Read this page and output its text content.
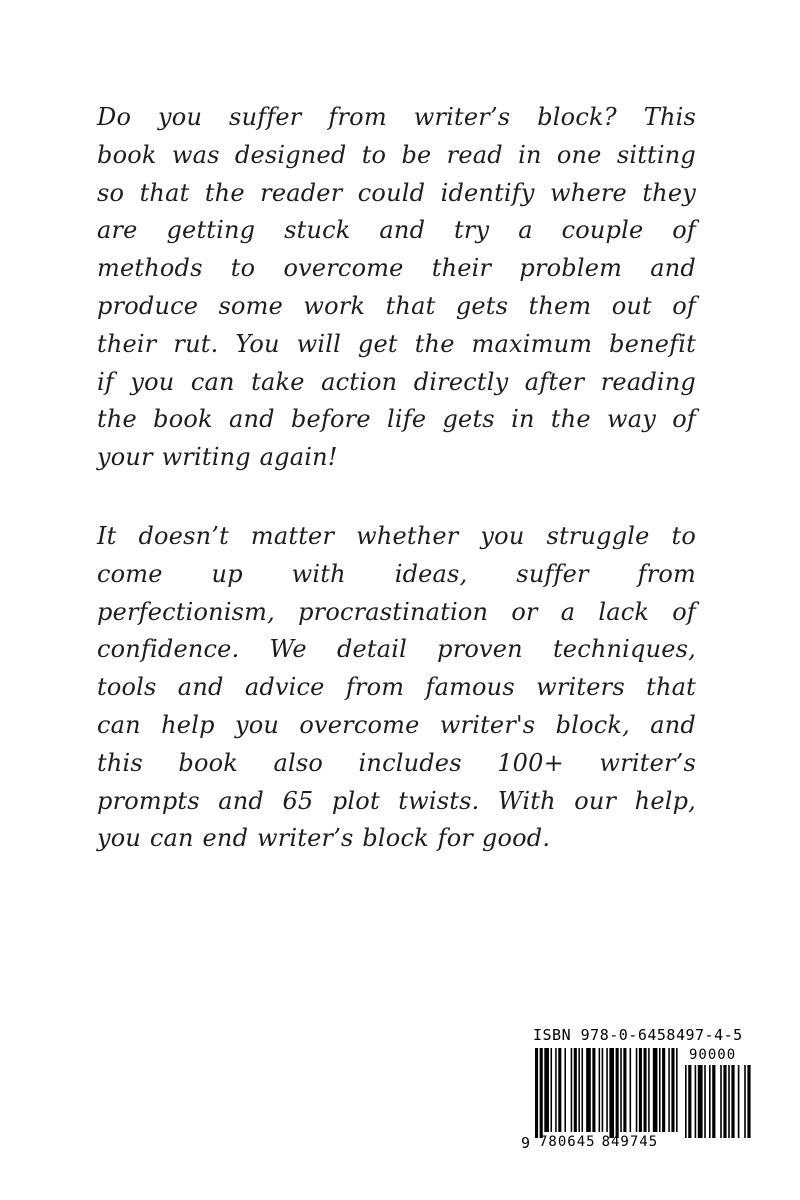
Do you suffer from writer’s block? This
book was designed to be read in one sitting
so that the reader could identify where they
are getting stuck and try a couple of
methods to overcome their problem and
produce some work that gets them out of
their rut. You will get the maximum benefit
if you can take action directly after reading
the book and before life gets in the way of
your writing again!
It doesn’t matter whether you struggle to
come up with ideas, suffer from
perfectionism, procrastination or a lack of
confidence. We detail proven techniques,
tools and advice from famous writers that
can help you overcome writer's block, and
this book also includes 100+ writer’s
prompts and 65 plot twists. With our help,
you can end writer’s block for good.
ISBN 978-0-6458497-4-5
90000
9 780645 849745
